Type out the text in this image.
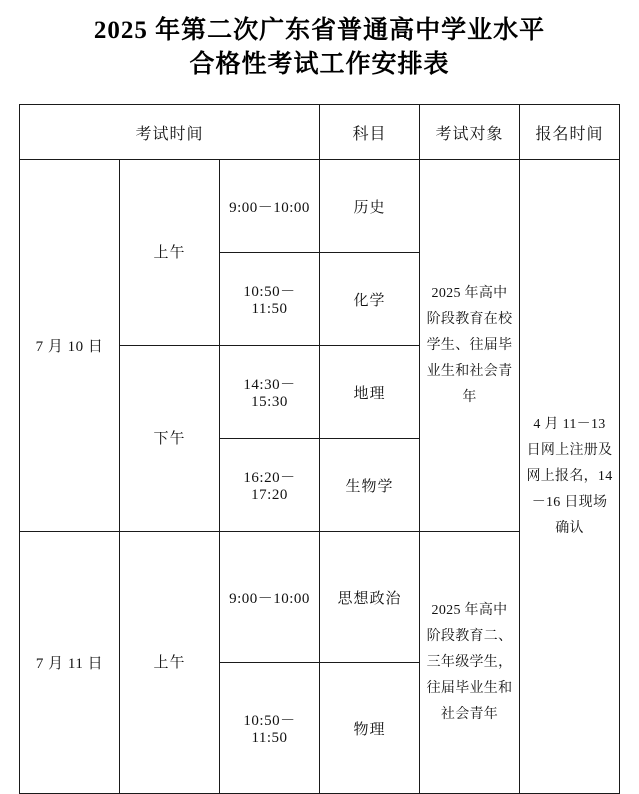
2025 年第二次广东省普通高中学业水平
合格性考试工作安排表
考试时间			科目	考试对象	报名时间
7 月 10 日	上午	9:00－10:00	历史	2025 年高中阶段教育在校学生、往届毕业生和社会青年	4 月 11－13 日网上注册及网上报名，14－16 日现场确认
		10:50－11:50	化学		

	下午	14:30－15:30	地理		
		16:20－17:20	生物学		
7 月 11 日	上午	9:00－10:00	思想政治	2025 年高中阶段教育二、三年级学生，往届毕业生和社会青年	
		10:50－11:50	物理		
